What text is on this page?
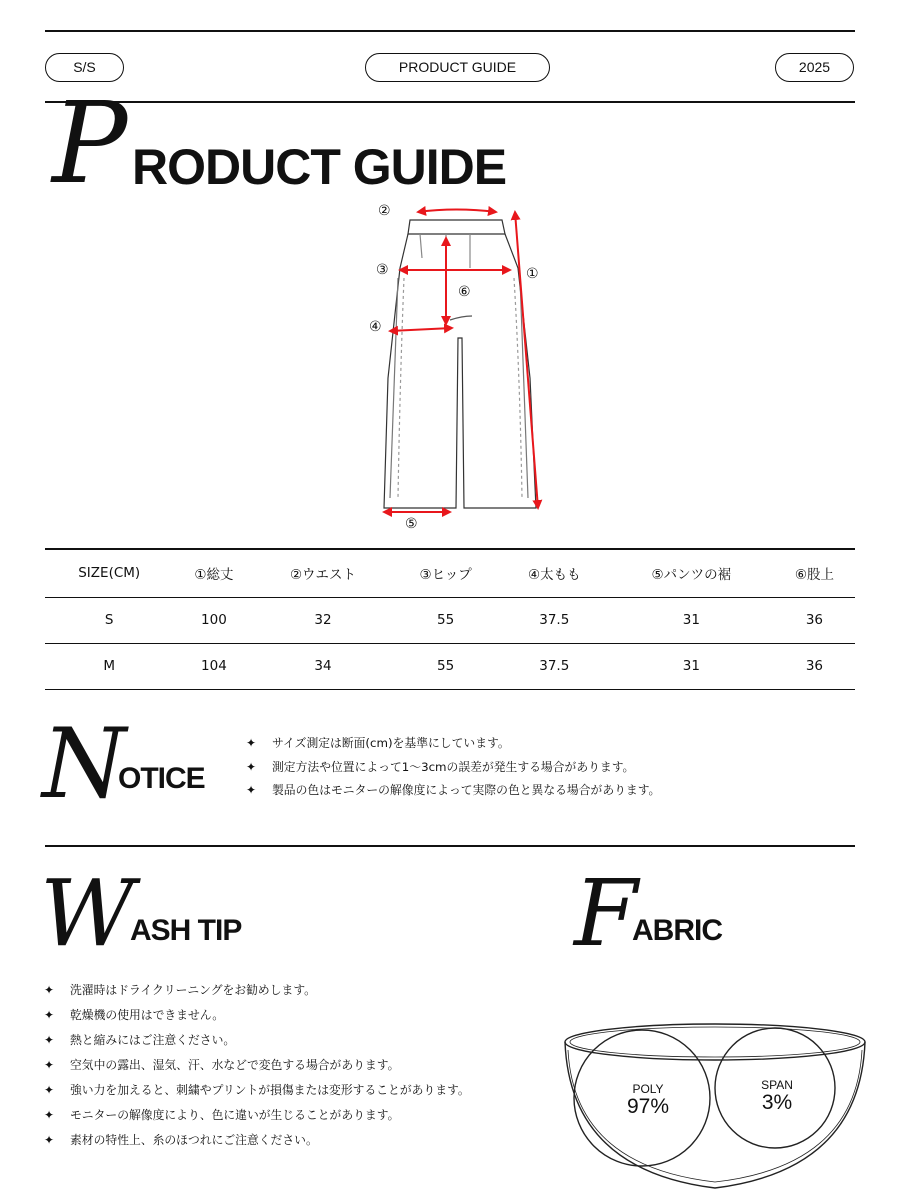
S/S	PRODUCT GUIDE	2025
P RODUCT GUIDE
①
②
③
④
⑤
⑥
SIZE(CM)	①総丈	②ウエスト	③ヒップ	④太もも	⑤パンツの裾	⑥股上
S	100	32	55	37.5	31	36
M	104	34	55	37.5	31	36
N
OTICE
✦ サイズ測定は断面(cm)を基準にしています。
✦ 測定方法や位置によって1～3cmの誤差が発生する場合があります。
✦ 製品の色はモニターの解像度によって実際の色と異なる場合があります。
W
ASH TIP
✦ 洗濯時はドライクリーニングをお勧めします。
✦ 乾燥機の使用はできません。
✦ 熱と縮みにはご注意ください。
✦ 空気中の露出、湿気、汗、水などで変色する場合があります。
✦ 強い力を加えると、刺繍やプリントが損傷または変形することがあります。
✦ モニターの解像度により、色に違いが生じることがあります。
✦ 素材の特性上、糸のほつれにご注意ください。
F
ABRIC
POLY
97%
SPAN
3%
